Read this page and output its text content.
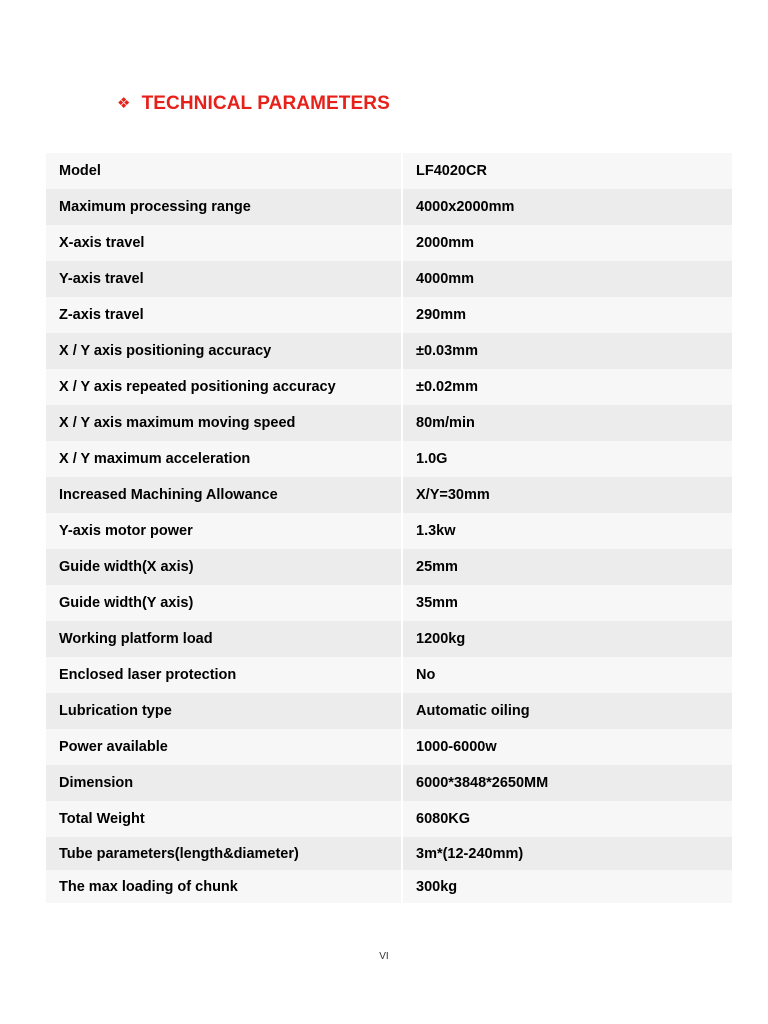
❖ TECHNICAL PARAMETERS
Model	LF4020CR
Maximum processing range	4000x2000mm
X-axis travel	2000mm
Y-axis travel	4000mm
Z-axis travel	290mm
X / Y axis positioning accuracy	±0.03mm
X / Y axis repeated positioning accuracy	±0.02mm
X / Y axis maximum moving speed	80m/min
X / Y maximum acceleration	1.0G
Increased Machining Allowance	X/Y=30mm
Y-axis motor power	1.3kw
Guide width(X axis)	25mm
Guide width(Y axis)	35mm
Working platform load	1200kg
Enclosed laser protection	No
Lubrication type	Automatic oiling
Power available	1000-6000w
Dimension	6000*3848*2650MM
Total Weight	6080KG
Tube parameters(length&diameter)	3m*(12-240mm)
The max loading of chunk	300kg
VI
